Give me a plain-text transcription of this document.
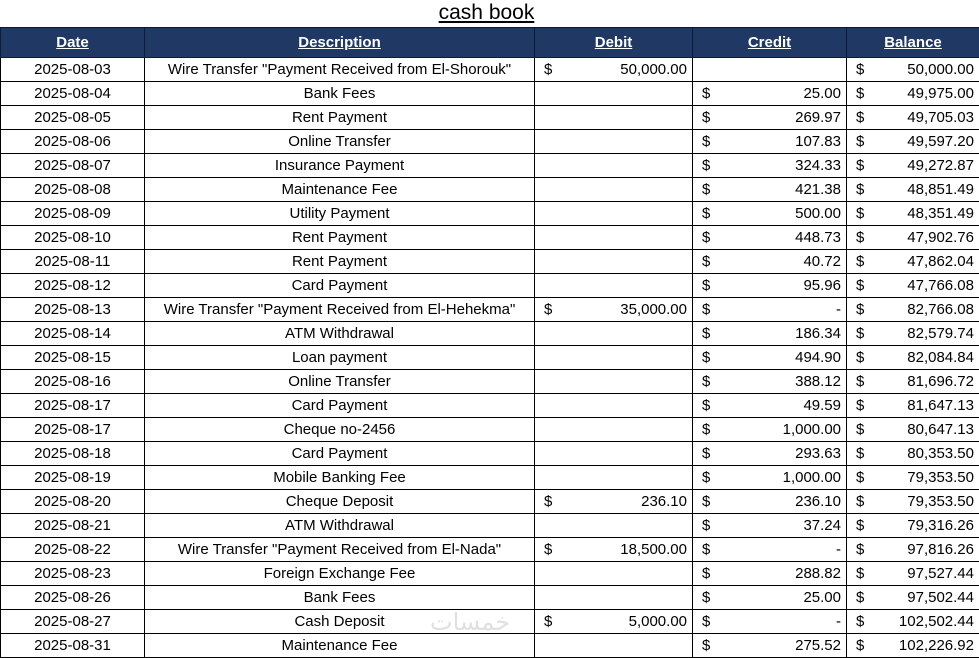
cash book
Date	Description	Debit	Credit	Balance
2025-08-03	Wire Transfer "Payment Received from El-Shorouk"	$ 50,000.00		$ 50,000.00

2025-08-04	Bank Fees		$ 25.00	$ 49,975.00

2025-08-05	Rent Payment		$ 269.97	$ 49,705.03

2025-08-06	Online Transfer		$ 107.83	$ 49,597.20

2025-08-07	Insurance Payment		$ 324.33	$ 49,272.87

2025-08-08	Maintenance Fee		$ 421.38	$ 48,851.49

2025-08-09	Utility Payment		$ 500.00	$ 48,351.49

2025-08-10	Rent Payment		$ 448.73	$ 47,902.76

2025-08-11	Rent Payment		$ 40.72	$ 47,862.04

2025-08-12	Card Payment		$ 95.96	$ 47,766.08

2025-08-13	Wire Transfer "Payment Received from El-Hehekma"	$ 35,000.00	$ -	$ 82,766.08

2025-08-14	ATM Withdrawal		$ 186.34	$ 82,579.74

2025-08-15	Loan payment		$ 494.90	$ 82,084.84

2025-08-16	Online Transfer		$ 388.12	$ 81,696.72

2025-08-17	Card Payment		$ 49.59	$ 81,647.13

2025-08-17	Cheque no-2456		$ 1,000.00	$ 80,647.13

2025-08-18	Card Payment		$ 293.63	$ 80,353.50

2025-08-19	Mobile Banking Fee		$ 1,000.00	$ 79,353.50

2025-08-20	Cheque Deposit	$ 236.10	$ 236.10	$ 79,353.50

2025-08-21	ATM Withdrawal		$ 37.24	$ 79,316.26

2025-08-22	Wire Transfer "Payment Received from El-Nada"	$ 18,500.00	$ -	$ 97,816.26

2025-08-23	Foreign Exchange Fee		$ 288.82	$ 97,527.44

2025-08-26	Bank Fees		$ 25.00	$ 97,502.44

2025-08-27	Cash Deposit	$ 5,000.00	$ -	$ 102,502.44

2025-08-31	Maintenance Fee		$ 275.52	$ 102,226.92
خمسات
